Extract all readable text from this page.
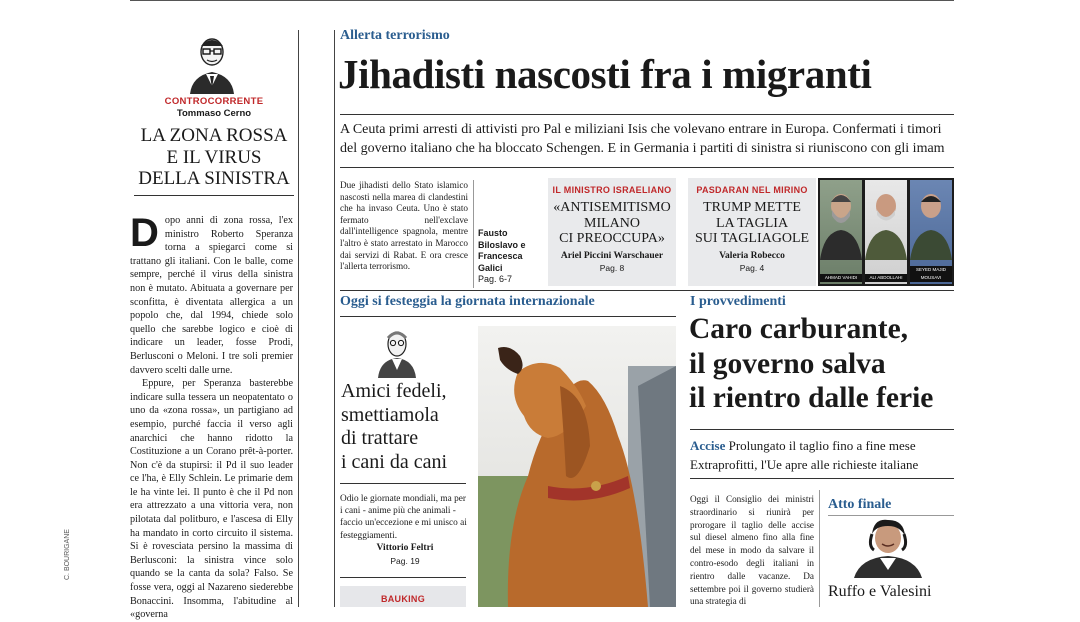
CONTROCORRENTE
Tommaso Cerno
LA ZONA ROSSA
E IL VIRUS
DELLA SINISTRA
Dopo anni di zona rossa, l'ex ministro Roberto Speranza torna a spiegarci come si trattano gli italiani. Con le balle, come sempre, perché il virus della sinistra non è mutato. Abituata a governare per sconfitta, è diventata allergica a un popolo che, dal 1994, chiede solo quello che sarebbe logico e cioè di indicare un leader, fosse Prodi, Berlusconi o Meloni. I tre soli premier davvero scelti dalle urne.
Eppure, per Speranza basterebbe indicare sulla tessera un neopatentato o uno da «zona rossa», un partigiano ad esempio, purché faccia il verso agli anarchici che hanno ridotto la Costituzione a un Corano prêt-à-porter. Non c'è da stupirsi: il Pd il suo leader ce l'ha, è Elly Schlein. Le primarie dem le ha vinte lei. Il punto è che il Pd non era attrezzato a una vittoria vera, non pilotata dal politburo, e l'ascesa di Elly ha mandato in corto circuito il sistema. Si è rovesciata persino la massima di Berlusconi: la sinistra vince solo quando se la canta da sola? Falso. Se fosse vera, oggi al Nazareno siederebbe Bonaccini. Insomma, l'abitudine al «governa
C. BOURIGANE
Allerta terrorismo
Jihadisti nascosti fra i migranti
A Ceuta primi arresti di attivisti pro Pal e miliziani Isis che volevano entrare in Europa. Confermati i timori
del governo italiano che ha bloccato Schengen. E in Germania i partiti di sinistra si riuniscono con gli imam
Due jihadisti dello Stato islamico nascosti nella marea di clandestini che ha invaso Ceuta. Uno è stato fermato nell'exclave dall'intelligence spagnola, mentre l'altro è stato arrestato in Marocco dai servizi di Rabat. E ora cresce l'allerta terrorismo.
Fausto Biloslavo e Francesca Galici
Pag. 6-7
IL MINISTRO ISRAELIANO
«ANTISEMITISMO
MILANO
CI PREOCCUPA»
Ariel Piccini Warschauer
Pag. 8
PASDARAN NEL MIRINO
TRUMP METTE
LA TAGLIA
SUI TAGLIAGOLE
Valeria Robecco
Pag. 4
AHMAD VAHIDI	ALI ABDOLLAHI
SEYED MAJID MOUSAVI
Oggi si festeggia la giornata internazionale
Amici fedeli,
smettiamola
di trattare
i cani da cani
Odio le giornate mondiali, ma per i cani - anime più che animali - faccio un'eccezione e mi unisco ai festeggiamenti.
Vittorio Feltri
Pag. 19
BAUKING
I provvedimenti
Caro carburante,
il governo salva
il rientro dalle ferie
Accise Prolungato il taglio fino a fine mese
Extraprofitti, l'Ue apre alle richieste italiane
Oggi il Consiglio dei ministri straordinario si riunirà per prorogare il taglio delle accise sul diesel almeno fino alla fine del mese in modo da salvare il contro-esodo degli italiani in rientro dalle vacanze. Da settembre poi il governo studierà una strategia di
Atto finale
Ruffo e Valesini
